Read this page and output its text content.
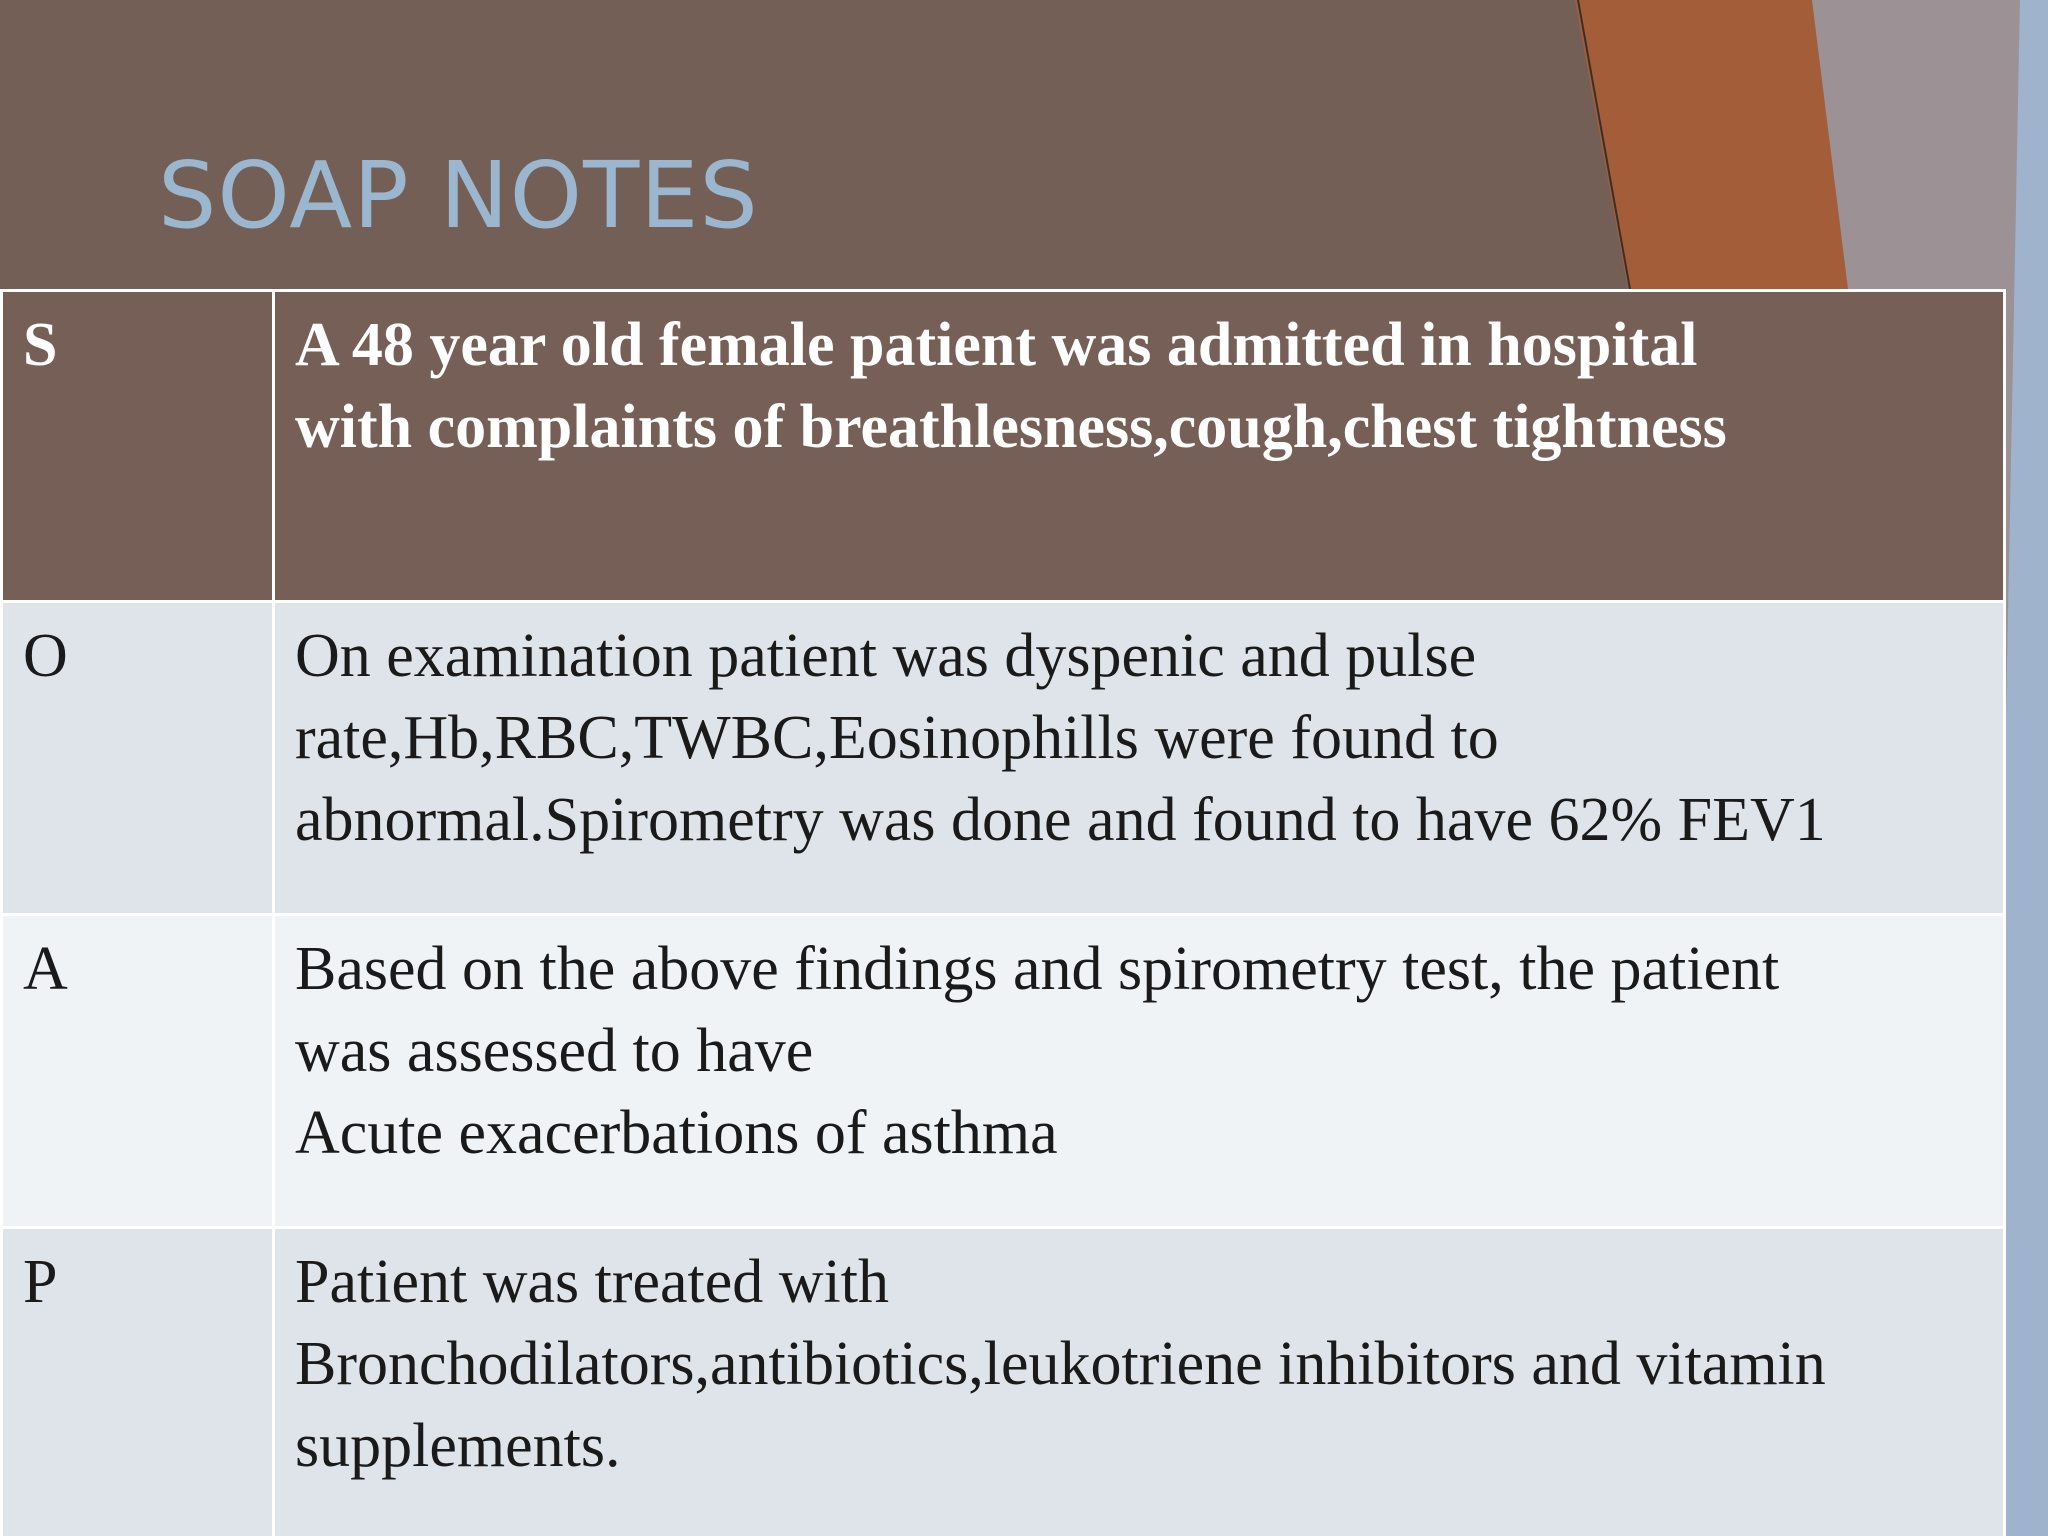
SOAP NOTES
S	A 48 year old female patient was admitted in hospital
with complaints of breathlesness,cough,chest tightness

O	On examination patient was dyspenic and pulse
rate,Hb,RBC,TWBC,Eosinophills were found to
abnormal.Spirometry was done and found to have 62% FEV1

A	Based on the above findings and spirometry test, the patient
was assessed to have
Acute exacerbations of asthma

P	Patient was treated with
Bronchodilators,antibiotics,leukotriene inhibitors and vitamin
supplements.
